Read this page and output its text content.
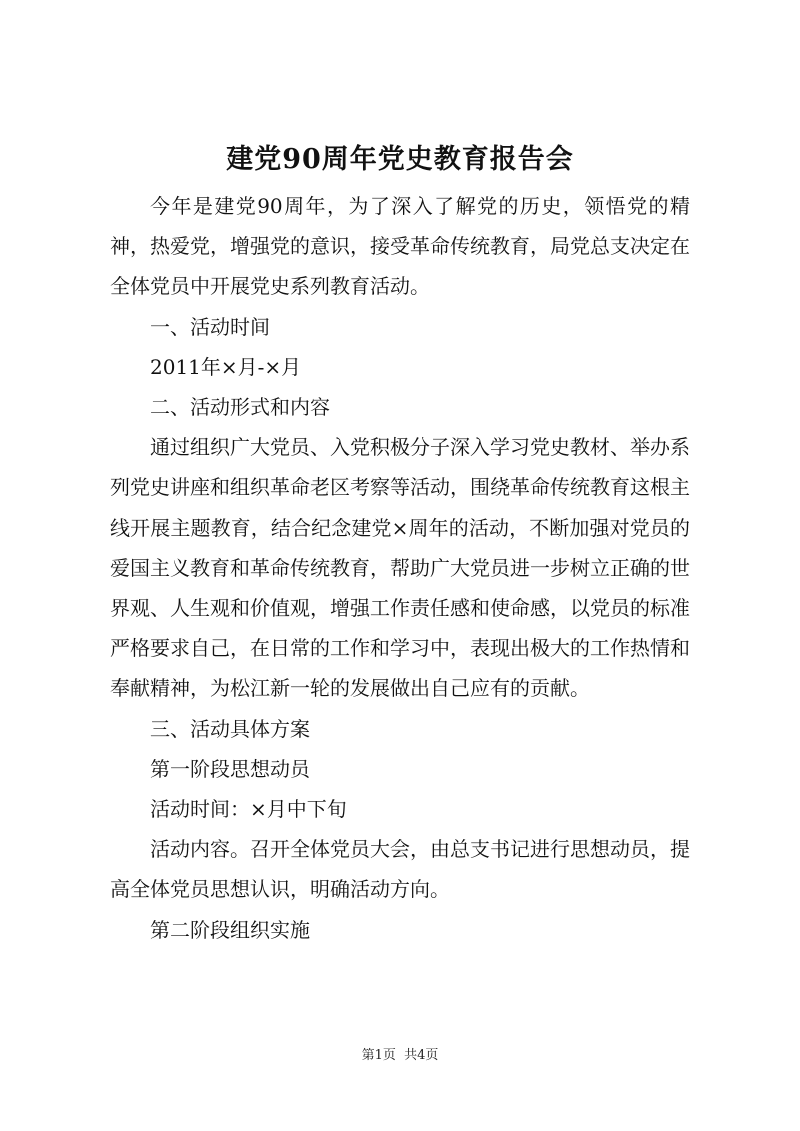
建党90周年党史教育报告会

今年是建党90周年，为了深入了解党的历史，领悟党的精神，热爱党，增强党的意识，接受革命传统教育，局党总支决定在全体党员中开展党史系列教育活动。

一、活动时间

2011年×月-×月

二、活动形式和内容

通过组织广大党员、入党积极分子深入学习党史教材、举办系列党史讲座和组织革命老区考察等活动，围绕革命传统教育这根主线开展主题教育，结合纪念建党×周年的活动，不断加强对党员的爱国主义教育和革命传统教育，帮助广大党员进一步树立正确的世界观、人生观和价值观，增强工作责任感和使命感，以党员的标准严格要求自己，在日常的工作和学习中，表现出极大的工作热情和奉献精神，为松江新一轮的发展做出自己应有的贡献。

三、活动具体方案

第一阶段思想动员

活动时间：×月中下旬

活动内容。召开全体党员大会，由总支书记进行思想动员，提高全体党员思想认识，明确活动方向。

第二阶段组织实施

第1页 共4页
